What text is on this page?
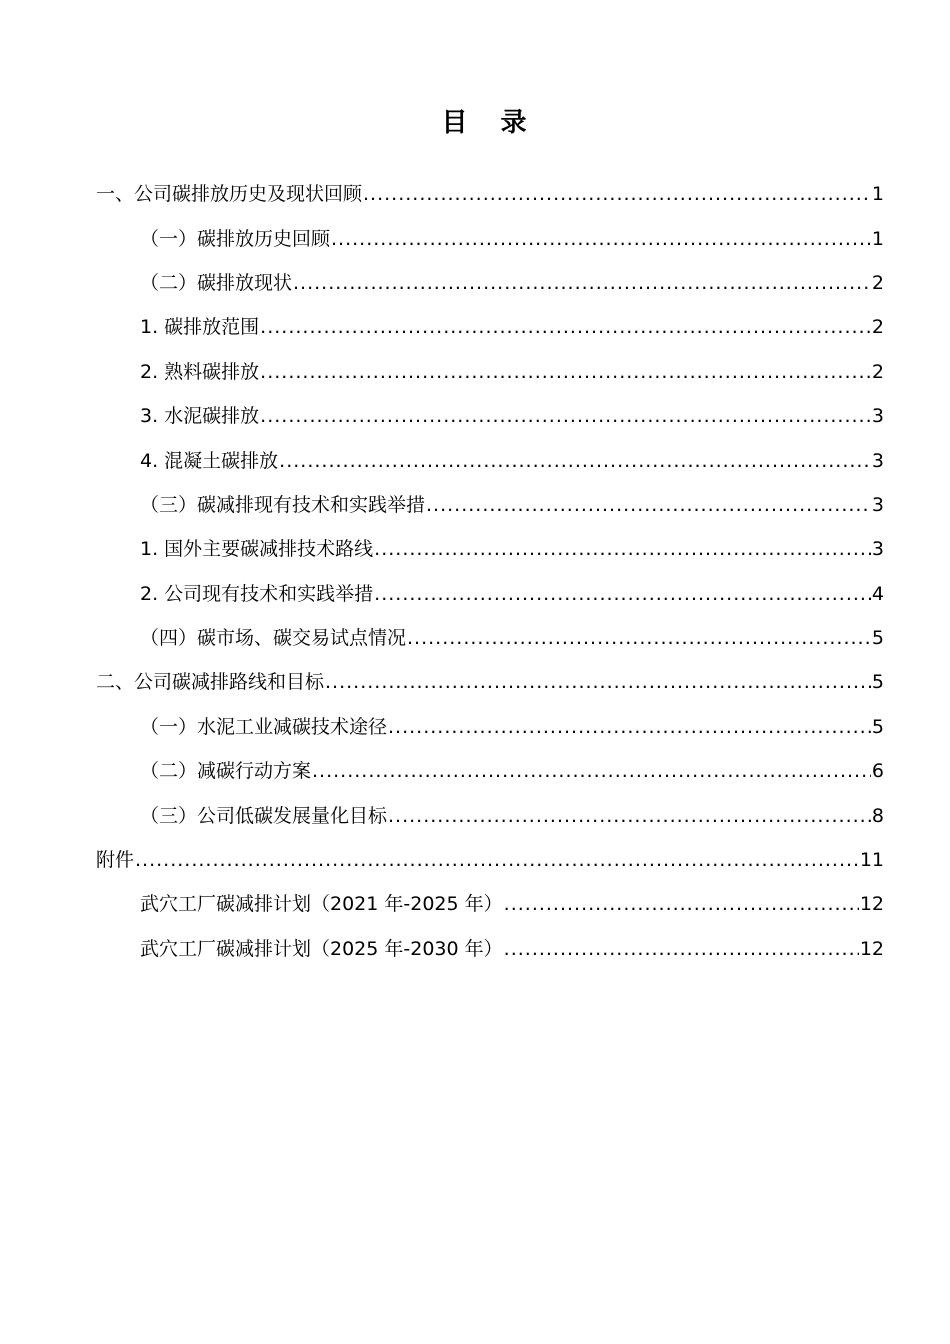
目 录
一、公司碳排放历史及现状回顾 .....	1
（一）碳排放历史回顾 .....	1
（二）碳排放现状 .....	2
1. 碳排放范围 .....	2
2. 熟料碳排放 .....	2
3. 水泥碳排放 .....	3
4. 混凝土碳排放 .....	3
（三）碳减排现有技术和实践举措 .....	3
1. 国外主要碳减排技术路线 .....	3
2. 公司现有技术和实践举措 .....	4
（四）碳市场、碳交易试点情况 .....	5
二、公司碳减排路线和目标 .....	5
（一）水泥工业减碳技术途径 .....	5
（二）减碳行动方案 .....	6
（三）公司低碳发展量化目标 .....	8
附件 .....	11
武穴工厂碳减排计划（2021 年-2025 年） .....	12
武穴工厂碳减排计划（2025 年-2030 年） .....	12
